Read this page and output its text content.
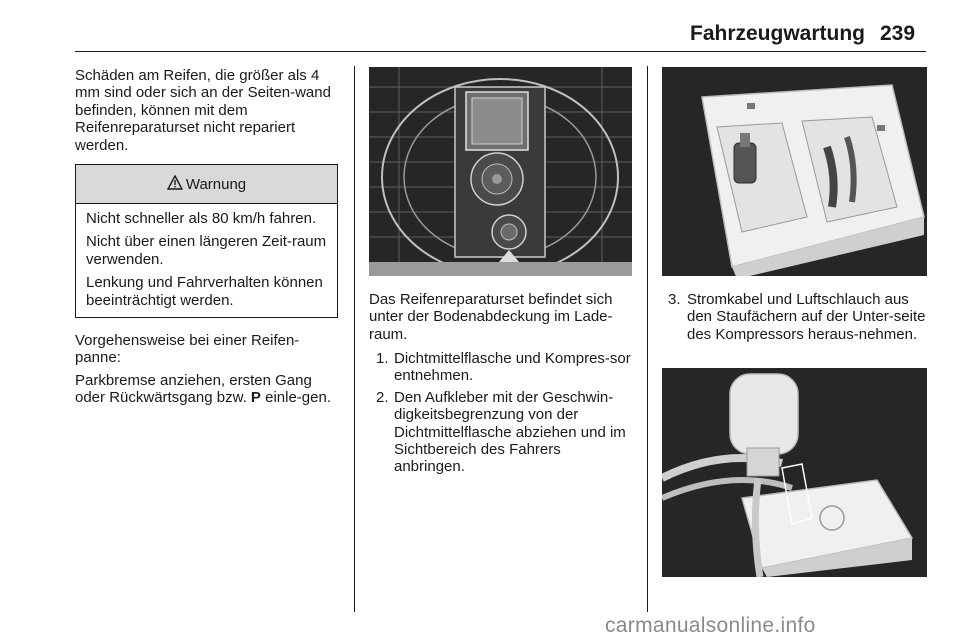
Fahrzeugwartung 239
Schäden am Reifen, die größer als 4 mm sind oder sich an der Seiten-wand befinden, können mit dem Reifenreparaturset nicht repariert werden.
Warnung

Nicht schneller als 80 km/h fahren.

Nicht über einen längeren Zeit-raum verwenden.

Lenkung und Fahrverhalten können beeinträchtigt werden.

Vorgehensweise bei einer Reifen-panne:
Parkbremse anziehen, ersten Gang oder Rückwärtsgang bzw. P einle-gen.
Das Reifenreparaturset befindet sich unter der Bodenabdeckung im Lade-raum.
1. Dichtmittelflasche und Kompres-sor entnehmen.
2. Den Aufkleber mit der Geschwin-digkeitsbegrenzung von der Dichtmittelflasche abziehen und im Sichtbereich des Fahrers anbringen.
3. Stromkabel und Luftschlauch aus den Staufächern auf der Unter-seite des Kompressors heraus-nehmen.
carmanualsonline.info
